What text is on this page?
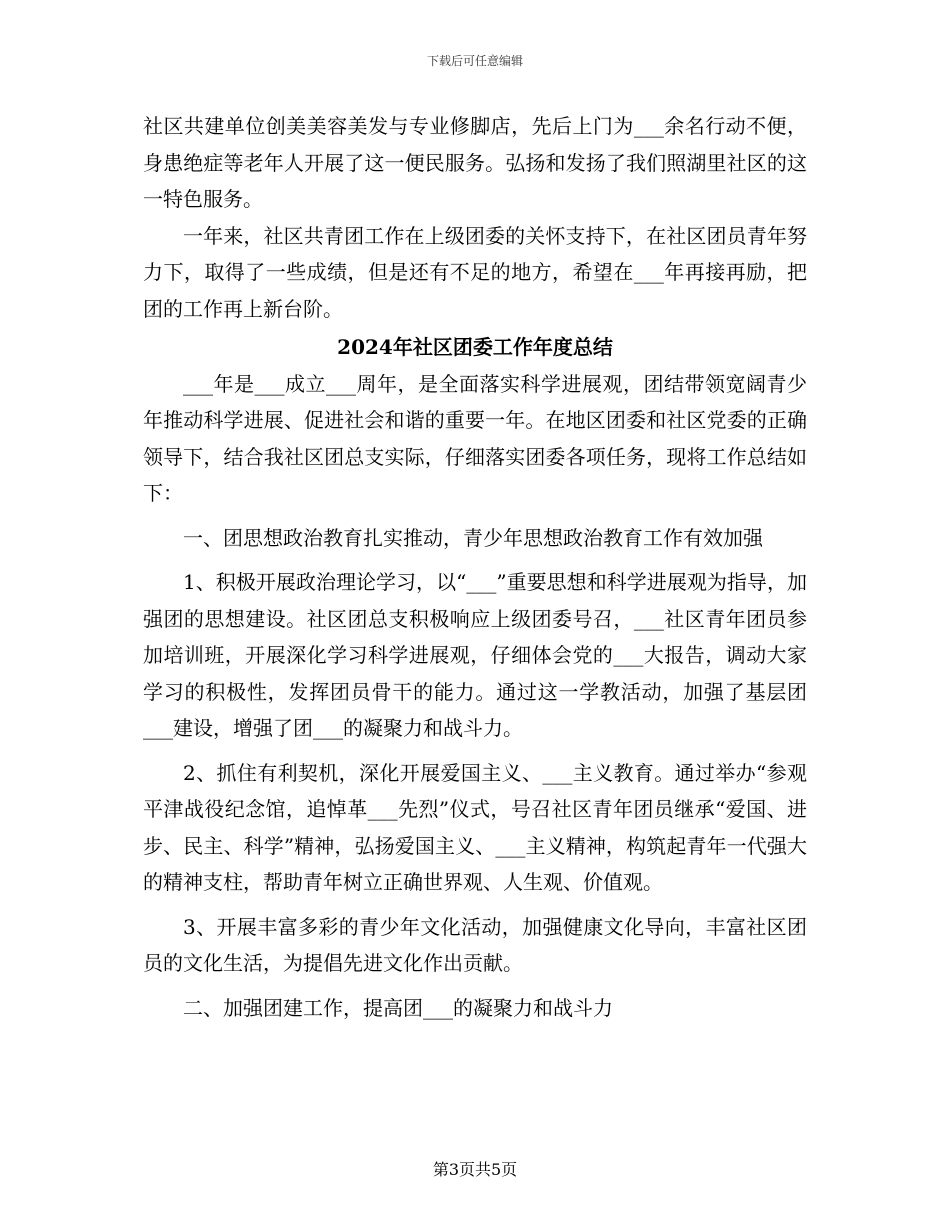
下载后可任意编辑

社区共建单位创美美容美发与专业修脚店，先后上门为___余名行动不便，身患绝症等老年人开展了这一便民服务。弘扬和发扬了我们照湖里社区的这一特色服务。

一年来，社区共青团工作在上级团委的关怀支持下，在社区团员青年努力下，取得了一些成绩，但是还有不足的地方，希望在___年再接再励，把团的工作再上新台阶。

2024年社区团委工作年度总结

___年是___成立___周年，是全面落实科学进展观，团结带领宽阔青少年推动科学进展、促进社会和谐的重要一年。在地区团委和社区党委的正确领导下，结合我社区团总支实际，仔细落实团委各项任务，现将工作总结如下：

一、团思想政治教育扎实推动，青少年思想政治教育工作有效加强

1、积极开展政治理论学习，以“___”重要思想和科学进展观为指导，加强团的思想建设。社区团总支积极响应上级团委号召，___社区青年团员参加培训班，开展深化学习科学进展观，仔细体会党的___大报告，调动大家学习的积极性，发挥团员骨干的能力。通过这一学教活动，加强了基层团___建设，增强了团___的凝聚力和战斗力。

2、抓住有利契机，深化开展爱国主义、___主义教育。通过举办“参观平津战役纪念馆，追悼革___先烈”仪式，号召社区青年团员继承“爱国、进步、民主、科学”精神，弘扬爱国主义、___主义精神，构筑起青年一代强大的精神支柱，帮助青年树立正确世界观、人生观、价值观。

3、开展丰富多彩的青少年文化活动，加强健康文化导向，丰富社区团员的文化生活，为提倡先进文化作出贡献。

二、加强团建工作，提高团___的凝聚力和战斗力

第3页共5页
